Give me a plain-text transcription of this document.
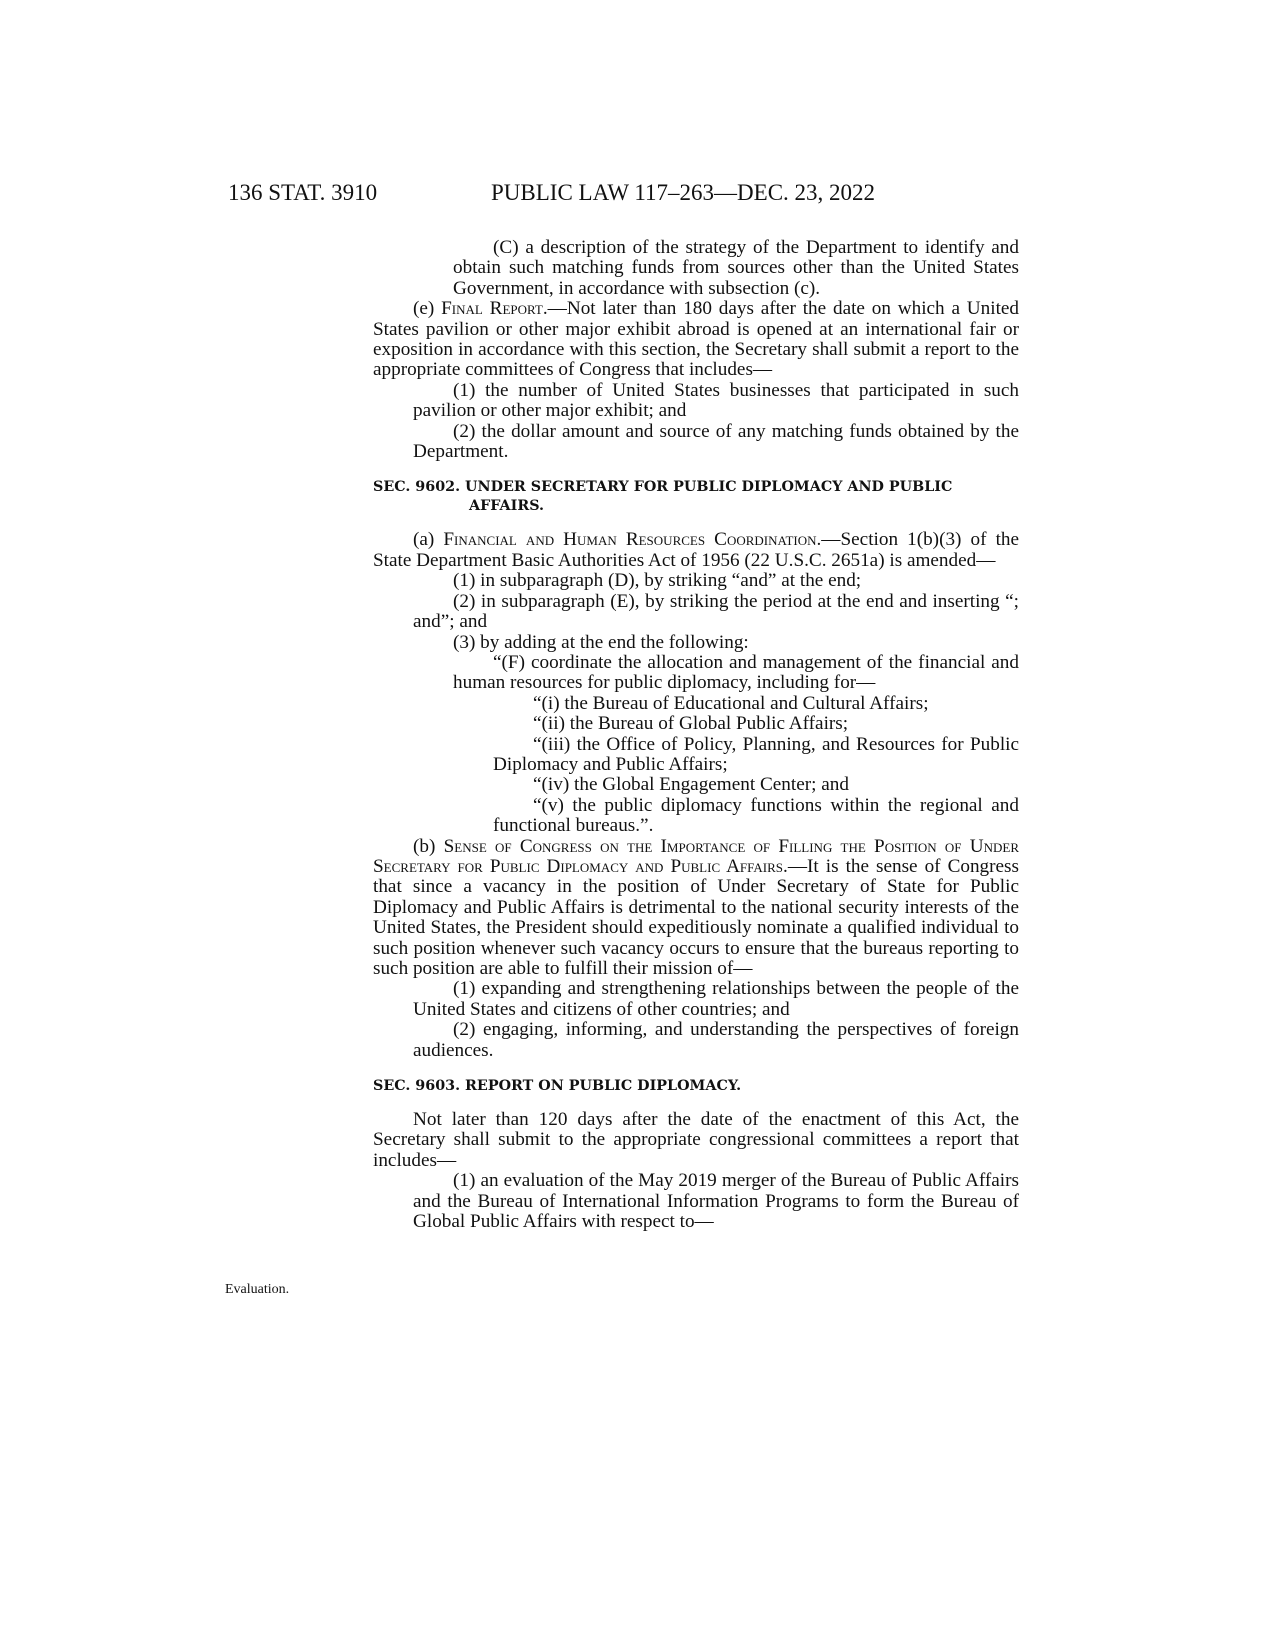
136 STAT. 3910	PUBLIC LAW 117–263—DEC. 23, 2022
Evaluation.

(C) a description of the strategy of the Department to identify and obtain such matching funds from sources other than the United States Government, in accordance with subsection (c).

(e) Final Report.—Not later than 180 days after the date on which a United States pavilion or other major exhibit abroad is opened at an international fair or exposition in accordance with this section, the Secretary shall submit a report to the appropriate committees of Congress that includes—

(1) the number of United States businesses that participated in such pavilion or other major exhibit; and

(2) the dollar amount and source of any matching funds obtained by the Department.

SEC. 9602. UNDER SECRETARY FOR PUBLIC DIPLOMACY AND PUBLIC AFFAIRS.

(a) Financial and Human Resources Coordination.—Section 1(b)(3) of the State Department Basic Authorities Act of 1956 (22 U.S.C. 2651a) is amended—

(1) in subparagraph (D), by striking “and” at the end;

(2) in subparagraph (E), by striking the period at the end and inserting “; and”; and

(3) by adding at the end the following:

“(F) coordinate the allocation and management of the financial and human resources for public diplomacy, including for—

“(i) the Bureau of Educational and Cultural Affairs;

“(ii) the Bureau of Global Public Affairs;

“(iii) the Office of Policy, Planning, and Resources for Public Diplomacy and Public Affairs;

“(iv) the Global Engagement Center; and

“(v) the public diplomacy functions within the regional and functional bureaus.”.

(b) Sense of Congress on the Importance of Filling the Position of Under Secretary for Public Diplomacy and Public Affairs.—It is the sense of Congress that since a vacancy in the position of Under Secretary of State for Public Diplomacy and Public Affairs is detrimental to the national security interests of the United States, the President should expeditiously nominate a qualified individual to such position whenever such vacancy occurs to ensure that the bureaus reporting to such position are able to fulfill their mission of—

(1) expanding and strengthening relationships between the people of the United States and citizens of other countries; and

(2) engaging, informing, and understanding the perspectives of foreign audiences.

SEC. 9603. REPORT ON PUBLIC DIPLOMACY.

Not later than 120 days after the date of the enactment of this Act, the Secretary shall submit to the appropriate congressional committees a report that includes—

(1) an evaluation of the May 2019 merger of the Bureau of Public Affairs and the Bureau of International Information Programs to form the Bureau of Global Public Affairs with respect to—
